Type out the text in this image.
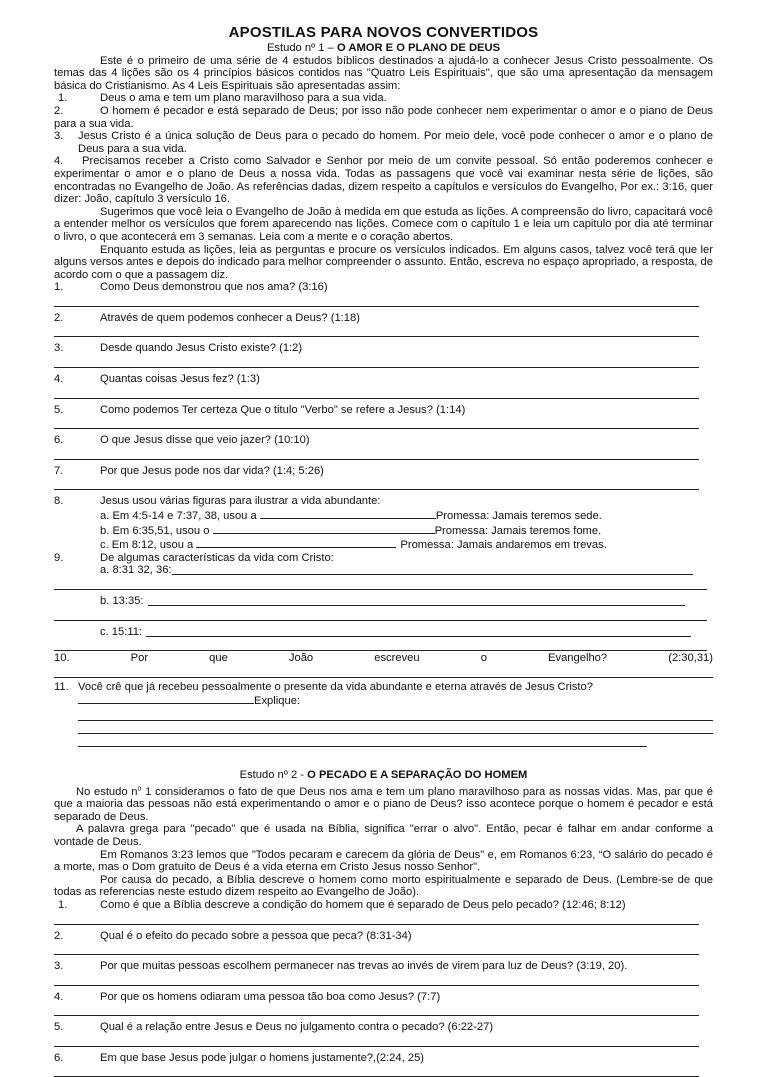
APOSTILAS PARA NOVOS CONVERTIDOS
Estudo nº 1 – O AMOR E O PLANO DE DEUS

Este é o primeiro de uma série de 4 estudos bíblicos destinados a ajudá-lo a conhecer Jesus Cristo pessoalmente. Os temas das 4 lições são os 4 princípios básicos contidos nas "Quatro Leis Espirituais", que são uma apresentação da mensagem básica do Cristianismo. As 4 Leis Espirituais são apresentadas assim:

1.	Deus o ama e tem um plano maravilhoso para a sua vida.

2.	O homem é pecador e está separado de Deus; por isso não pode conhecer nem experimentar o amor e o piano de Deus para a sua vida.

3. Jesus Cristo é a única solução de Deus para o pecado do homem. Por meio dele, você pode conhecer o amor e o plano de Deus para a sua vida.

4. Precisamos receber a Cristo como Salvador e Senhor por meio de um convite pessoal. Só então poderemos conhecer e experimentar o amor e o plano de Deus a nossa vida. Todas as passagens que você vai examinar nesta série de lições, são encontradas no Evangelho de João. As referências dadas, dizem respeito a capítulos e versículos do Evangelho, Por ex.: 3:16, quer dizer: João, capítulo 3 versículo 16.

Sugerimos que você leia o Evangelho de João à medida em que estuda as lições. A compreensão do livro, capacitará você a entender melhor os versículos que forem aparecendo nas lições. Comece com o capítulo 1 e leia um capitulo por dia até terminar o livro, o que acontecerá em 3 semanas. Leia com a mente e o coração abertos.

Enquanto estuda as lições, leia as perguntas e procure os versículos indicados. Em alguns casos, talvez você terá que ler alguns versos antes e depois do indicado para melhor compreender o assunto. Então, escreva no espaço apropriado, a resposta, de acordo com o que a passagem diz.

1.	Como Deus demonstrou que nos ama? (3:16)
2.	Através de quem podemos conhecer a Deus? (1:18)
3.	Desde quando Jesus Cristo existe? (1:2)
4.	Quantas coisas Jesus fez? (1:3)
5.	Como podemos Ter certeza Que o titulo "Verbo" se refere a Jesus? (1:14)
6.	O que Jesus disse que veio jazer? (10:10)
7.	Por que Jesus pode nos dar vida? (1:4; 5:26)
8.	Jesus usou várias figuras para ilustrar a vida abundante:
a. Em 4:5-14 e 7:37, 38, usou a	Promessa: Jamais teremos sede.
b. Em 6:35,51, usou o	Promessa: Jamais teremos fome.
c. Em 8:12, usou a	Promessa: Jamais andaremos em trevas.
9.	De algumas características da vida com Cristo:
a. 8:31 32, 36:
b. 13:35:
c. 15:11:
10.	Por	que	João	escreveu	o	Evangelho?	(2:30,31)

11. Você crê que já recebeu pessoalmente o presente da vida abundante e eterna através de Jesus Cristo?

Explique:
Estudo nº 2 - O PECADO E A SEPARAÇÃO DO HOMEM

No estudo $n^o$ 1 consideramos o fato de que Deus nos ama e tem um plano maravilhoso para as nossas vidas. Mas, par que é que a maioria das pessoas não está experimentando o amor e o piano de Deus? isso acontece porque o homem é pecador e está separado de Deus.

A palavra grega para "pecado" que é usada na Bíblia, significa "errar o alvo". Então, pecar é falhar em andar conforme a vontade de Deus.

Em Romanos 3:23 lemos que "Todos pecaram e carecem da glória de Deus" e, em Romanos 6:23, “O salário do pecado é a morte, mas o Dom gratuito de Deus é a vida eterna em Cristo Jesus nosso Senhor".

Por causa do pecado, a Bíblia descreve o homem como morto espiritualmente e separado de Deus. (Lembre-se de que todas as referencias neste estudo dizem respeito ao Evangelho de João).

1.	Como é que a Bíblia descreve a condição do homem que é separado de Deus pelo pecado? (12:46; 8:12)
2.	Qual é o efeito do pecado sobre a pessoa que peca? (8:31-34)
3.	Por que muitas pessoas escolhem permanecer nas trevas ao invés de virem para luz de Deus? (3:19, 20).
4.	Por que os homens odiaram uma pessoa tão boa como Jesus? (7:7)
5.	Qual é a relação entre Jesus e Deus no julgamento contra o pecado? (6:22-27)
6.	Em que base Jesus pode julgar o homens justamente?,(2:24, 25)
